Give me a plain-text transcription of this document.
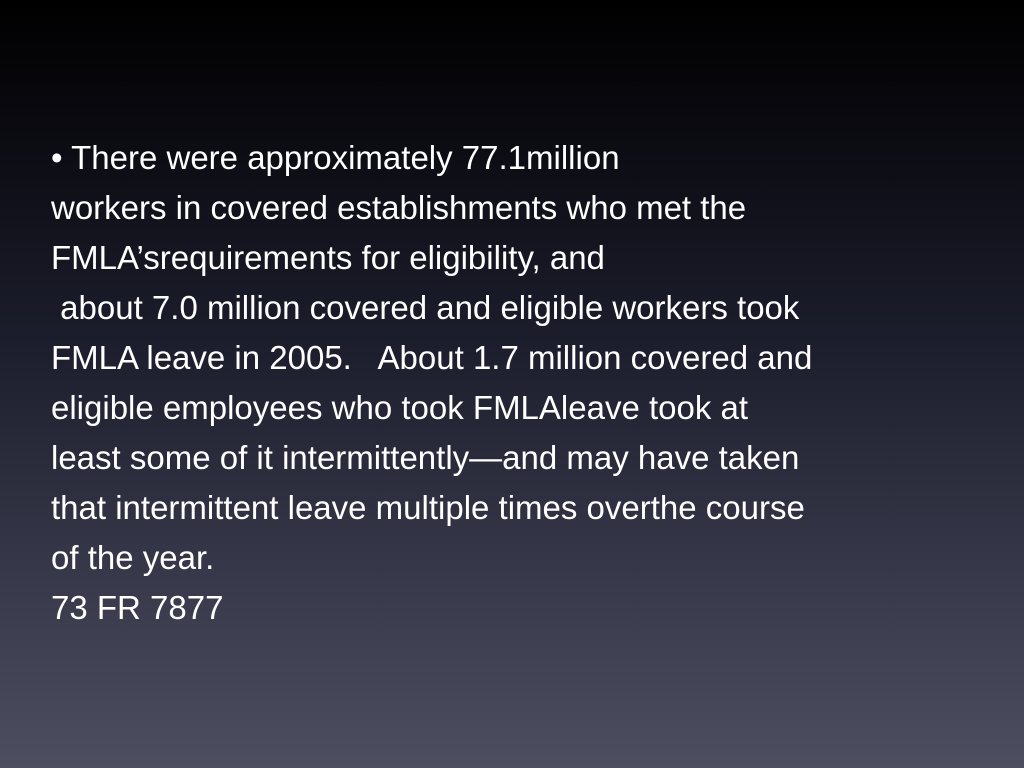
• There were approximately 77.1million
workers in covered establishments who met the
FMLA’srequirements for eligibility, and
about 7.0 million covered and eligible workers took
FMLA leave in 2005.   About 1.7 million covered and
eligible employees who took FMLAleave took at
least some of it intermittently—and may have taken
that intermittent leave multiple times overthe course
of the year.
73 FR 7877
